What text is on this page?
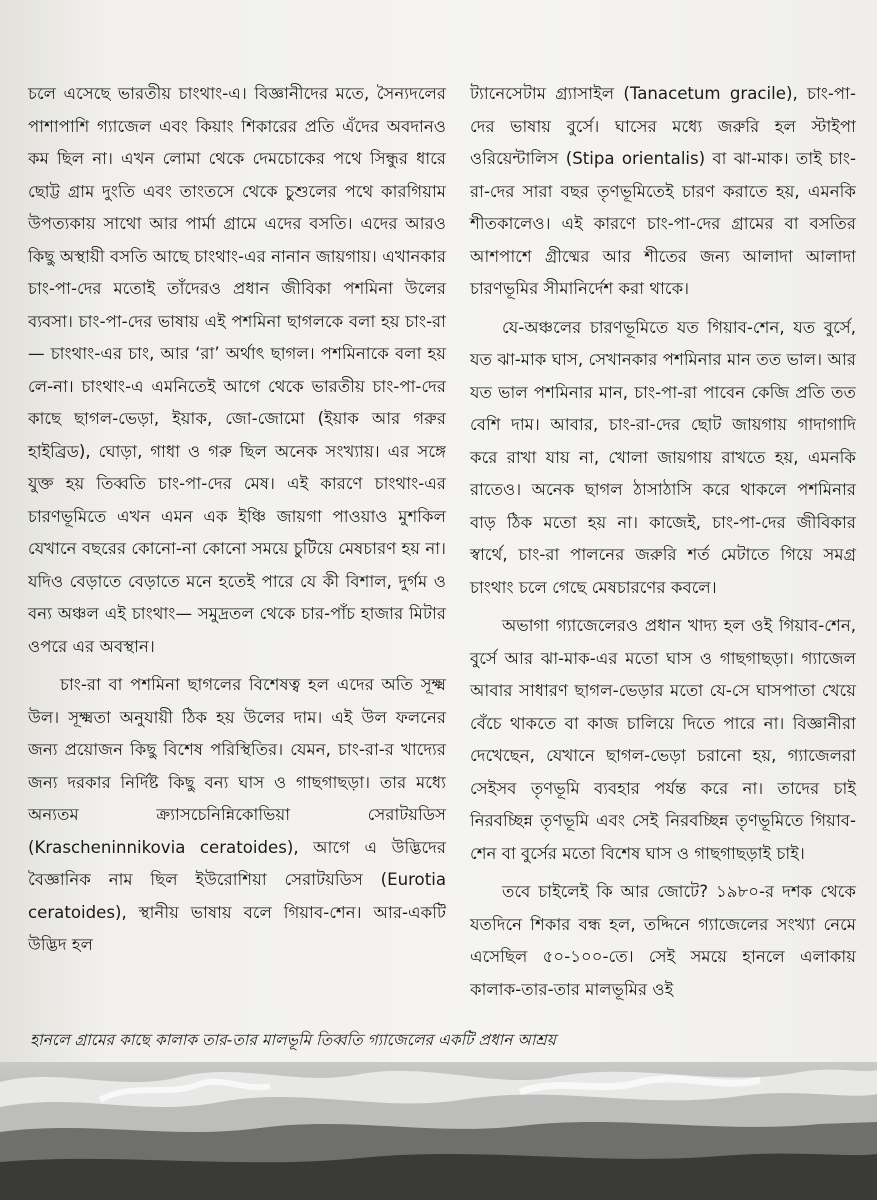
চলে এসেছে ভারতীয় চাংথাং-এ। বিজ্ঞানীদের মতে, সৈন্যদলের পাশাপাশি গ্যাজেল এবং কিয়াং শিকারের প্রতি এঁদের অবদানও কম ছিল না। এখন লোমা থেকে দেমচোকের পথে সিন্ধুর ধারে ছোট্ট গ্রাম দুংতি এবং তাংতসে থেকে চুশুলের পথে কারগিয়াম উপত্যকায় সাথো আর পার্মা গ্রামে এদের বসতি। এদের আরও কিছু অস্থায়ী বসতি আছে চাংথাং-এর নানান জায়গায়। এখানকার চাং-পা-দের মতোই তাঁদেরও প্রধান জীবিকা পশমিনা উলের ব্যবসা। চাং-পা-দের ভাষায় এই পশমিনা ছাগলকে বলা হয় চাং-রা— চাংথাং-এর চাং, আর ‘রা’ অর্থাৎ ছাগল। পশমিনাকে বলা হয় লে-না। চাংথাং-এ এমনিতেই আগে থেকে ভারতীয় চাং-পা-দের কাছে ছাগল-ভেড়া, ইয়াক, জো-জোমো (ইয়াক আর গরুর হাইব্রিড), ঘোড়া, গাধা ও গরু ছিল অনেক সংখ্যায়। এর সঙ্গে যুক্ত হয় তিব্বতি চাং-পা-দের মেষ। এই কারণে চাংথাং-এর চারণভূমিতে এখন এমন এক ইঞ্চি জায়গা পাওয়াও মুশকিল যেখানে বছরের কোনো-না কোনো সময়ে চুটিয়ে মেষচারণ হয় না। যদিও বেড়াতে বেড়াতে মনে হতেই পারে যে কী বিশাল, দুর্গম ও বন্য অঞ্চল এই চাংথাং— সমুদ্রতল থেকে চার-পাঁচ হাজার মিটার ওপরে এর অবস্থান।

চাং-রা বা পশমিনা ছাগলের বিশেষত্ব হল এদের অতি সূক্ষ্ম উল। সূক্ষ্মতা অনুযায়ী ঠিক হয় উলের দাম। এই উল ফলনের জন্য প্রয়োজন কিছু বিশেষ পরিস্থিতির। যেমন, চাং-রা-র খাদ্যের জন্য দরকার নির্দিষ্ট কিছু বন্য ঘাস ও গাছগাছড়া। তার মধ্যে অন্যতম ক্র্যাসচেনিন্নিকোভিয়া সেরাটয়ডিস (Krascheninnikovia ceratoides), আগে এ উদ্ভিদের বৈজ্ঞানিক নাম ছিল ইউরোশিয়া সেরাটয়ডিস (Eurotia ceratoides), স্থানীয় ভাষায় বলে গিয়াব-শেন। আর-একটি উদ্ভিদ হল

ট্যানেসেটাম গ্র্যাসাইল (Tanacetum gracile), চাং-পা-দের ভাষায় বুর্সে। ঘাসের মধ্যে জরুরি হল স্টাইপা ওরিয়েন্টালিস (Stipa orientalis) বা ঝা-মাক। তাই চাং-রা-দের সারা বছর তৃণভূমিতেই চারণ করাতে হয়, এমনকি শীতকালেও। এই কারণে চাং-পা-দের গ্রামের বা বসতির আশপাশে গ্রীষ্মের আর শীতের জন্য আলাদা আলাদা চারণভূমির সীমানির্দেশ করা থাকে।

যে-অঞ্চলের চারণভূমিতে যত গিয়াব-শেন, যত বুর্সে, যত ঝা-মাক ঘাস, সেখানকার পশমিনার মান তত ভাল। আর যত ভাল পশমিনার মান, চাং-পা-রা পাবেন কেজি প্রতি তত বেশি দাম। আবার, চাং-রা-দের ছোট জায়গায় গাদাগাদি করে রাখা যায় না, খোলা জায়গায় রাখতে হয়, এমনকি রাতেও। অনেক ছাগল ঠাসাঠাসি করে থাকলে পশমিনার বাড় ঠিক মতো হয় না। কাজেই, চাং-পা-দের জীবিকার স্বার্থে, চাং-রা পালনের জরুরি শর্ত মেটাতে গিয়ে সমগ্র চাংথাং চলে গেছে মেষচারণের কবলে।

অভাগা গ্যাজেলেরও প্রধান খাদ্য হল ওই গিয়াব-শেন, বুর্সে আর ঝা-মাক-এর মতো ঘাস ও গাছগাছড়া। গ্যাজেল আবার সাধারণ ছাগল-ভেড়ার মতো যে-সে ঘাসপাতা খেয়ে বেঁচে থাকতে বা কাজ চালিয়ে দিতে পারে না। বিজ্ঞানীরা দেখেছেন, যেখানে ছাগল-ভেড়া চরানো হয়, গ্যাজেলরা সেইসব তৃণভূমি ব্যবহার পর্যন্ত করে না। তাদের চাই নিরবচ্ছিন্ন তৃণভূমি এবং সেই নিরবচ্ছিন্ন তৃণভূমিতে গিয়াব-শেন বা বুর্সের মতো বিশেষ ঘাস ও গাছগাছড়াই চাই।

তবে চাইলেই কি আর জোটে? ১৯৮০-র দশক থেকে যতদিনে শিকার বন্ধ হল, তদ্দিনে গ্যাজেলের সংখ্যা নেমে এসেছিল ৫০-১০০-তে। সেই সময়ে হানলে এলাকায় কালাক-তার-তার মালভূমির ওই

হানলে গ্রামের কাছে কালাক তার-তার মালভূমি তিব্বতি গ্যাজেলের একটি প্রধান আশ্রয়
